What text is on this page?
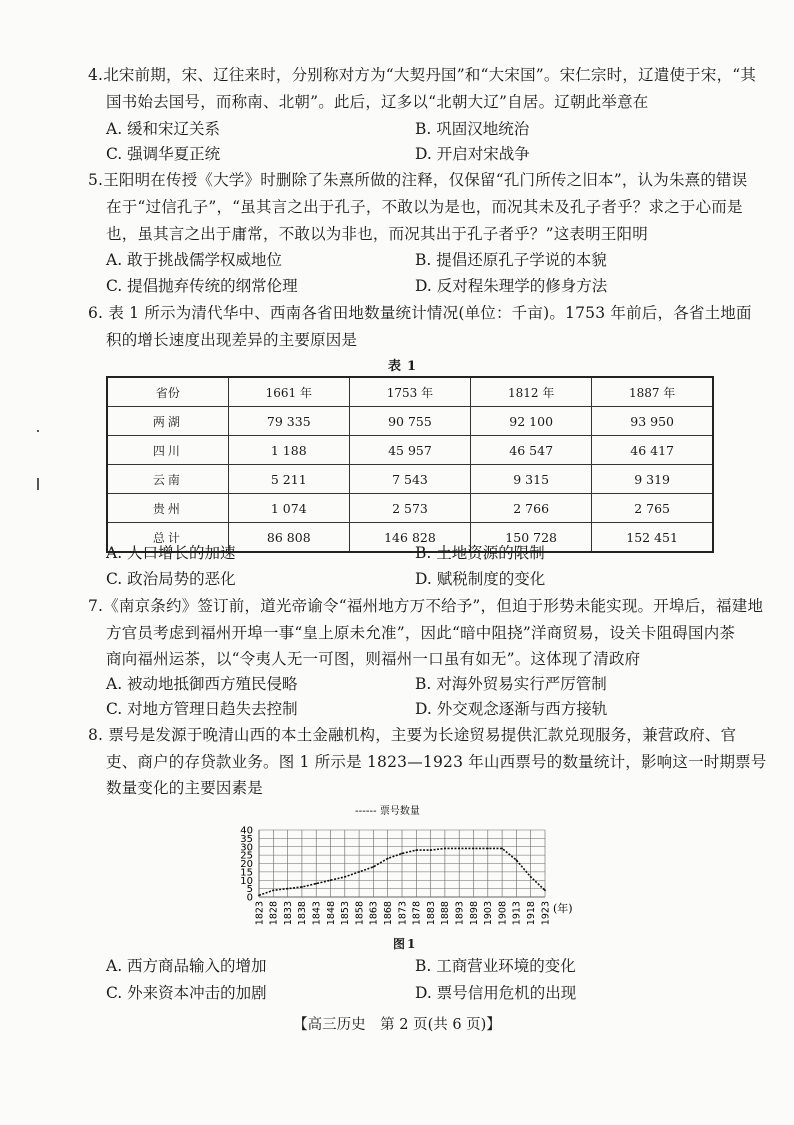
4.北宋前期，宋、辽往来时，分别称对方为“大契丹国”和“大宋国”。宋仁宗时，辽遣使于宋，“其
国书始去国号，而称南、北朝”。此后，辽多以“北朝大辽”自居。辽朝此举意在
A. 缓和宋辽关系	B. 巩固汉地统治
C. 强调华夏正统	D. 开启对宋战争
5.王阳明在传授《大学》时删除了朱熹所做的注释，仅保留“孔门所传之旧本”，认为朱熹的错误
在于“过信孔子”，“虽其言之出于孔子，不敢以为是也，而况其未及孔子者乎？求之于心而是
也，虽其言之出于庸常，不敢以为非也，而况其出于孔子者乎？”这表明王阳明
A. 敢于挑战儒学权威地位	B. 提倡还原孔子学说的本貌
C. 提倡抛弃传统的纲常伦理	D. 反对程朱理学的修身方法
6. 表 1 所示为清代华中、西南各省田地数量统计情况(单位：千亩)。1753 年前后，各省土地面
积的增长速度出现差异的主要原因是
表1
省份	1661 年	1753 年	1812 年	1887 年
两湖	79 335	90 755	92 100	93 950
四川	1 188	45 957	46 547	46 417
云南	5 211	7 543	9 315	9 319
贵州	1 074	2 573	2 766	2 765
总计	86 808	146 828	150 728	152 451
A. 人口增长的加速	B. 土地资源的限制
C. 政治局势的恶化	D. 赋税制度的变化
7.《南京条约》签订前，道光帝谕令“福州地方万不给予”，但迫于形势未能实现。开埠后，福建地
方官员考虑到福州开埠一事“皇上原未允准”，因此“暗中阻挠”洋商贸易，设关卡阻碍国内茶
商向福州运茶，以“令夷人无一可图，则福州一口虽有如无”。这体现了清政府
A. 被动地抵御西方殖民侵略	B. 对海外贸易实行严厉管制
C. 对地方管理日趋失去控制	D. 外交观念逐渐与西方接轨
8. 票号是发源于晚清山西的本土金融机构，主要为长途贸易提供汇款兑现服务，兼营政府、官
吏、商户的存贷款业务。图 1 所示是 1823—1923 年山西票号的数量统计，影响这一时期票号
数量变化的主要因素是
------ 票号数量
0
5
10
15
20
25
30
35
40
1823 1828 1833 1838 1843 1848 1853 1858 1863 1868 1873 1878 1883 1888 1893 1898 1903 1908 1913 1918 1923 (年)
图1
A. 西方商品输入的增加	B. 工商营业环境的变化
C. 外来资本冲击的加剧	D. 票号信用危机的出现
【高三历史　第 2 页(共 6 页)】
